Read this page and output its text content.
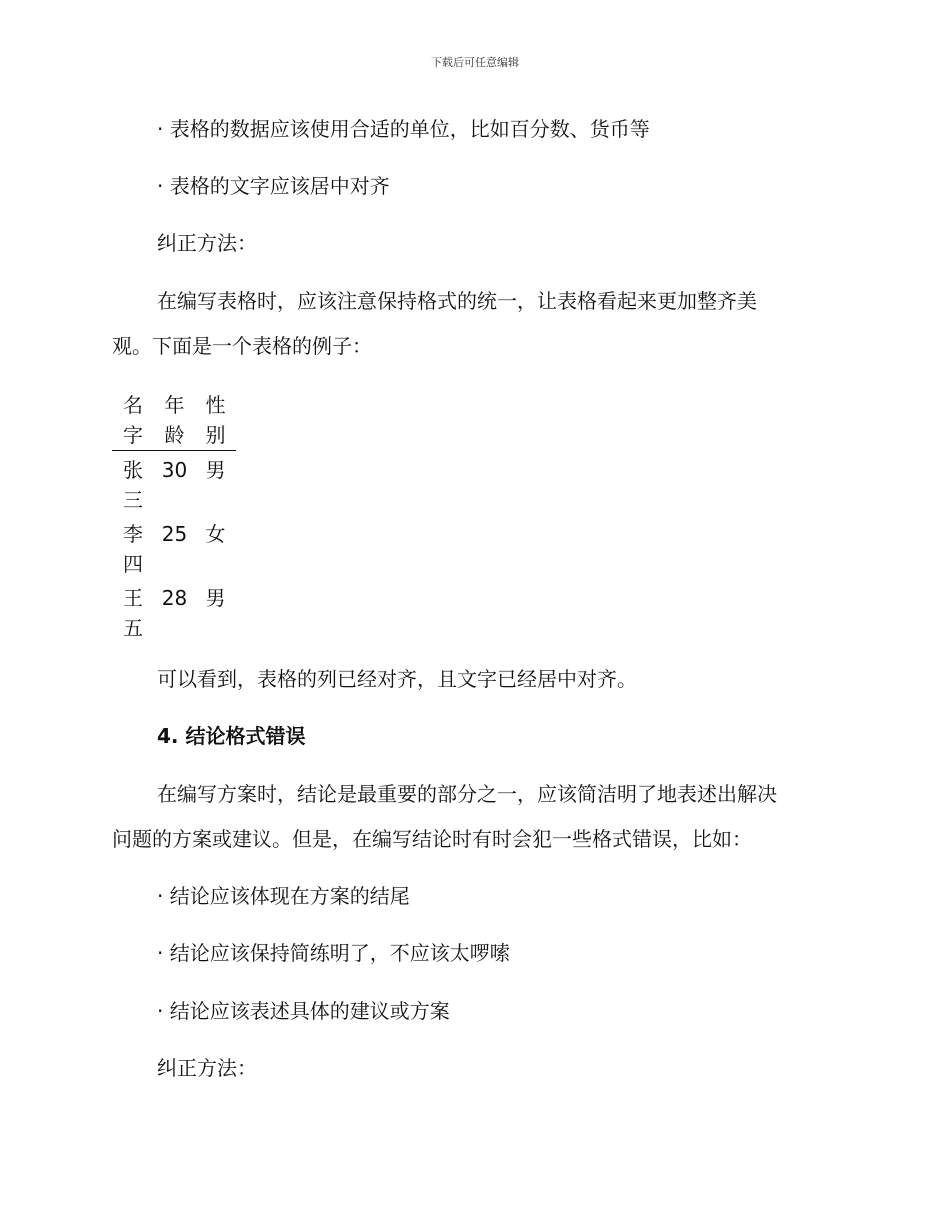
下载后可任意编辑
· 表格的数据应该使用合适的单位，比如百分数、货币等
· 表格的文字应该居中对齐
纠正方法：
在编写表格时，应该注意保持格式的统一，让表格看起来更加整齐美
观。下面是一个表格的例子：
名字
年龄
性别
张三
30 男
李四
25 女
王五
28 男
可以看到，表格的列已经对齐，且文字已经居中对齐。
4. 结论格式错误
在编写方案时，结论是最重要的部分之一，应该简洁明了地表述出解决
问题的方案或建议。但是，在编写结论时有时会犯一些格式错误，比如：
· 结论应该体现在方案的结尾
· 结论应该保持简练明了，不应该太啰嗦
· 结论应该表述具体的建议或方案
纠正方法：
